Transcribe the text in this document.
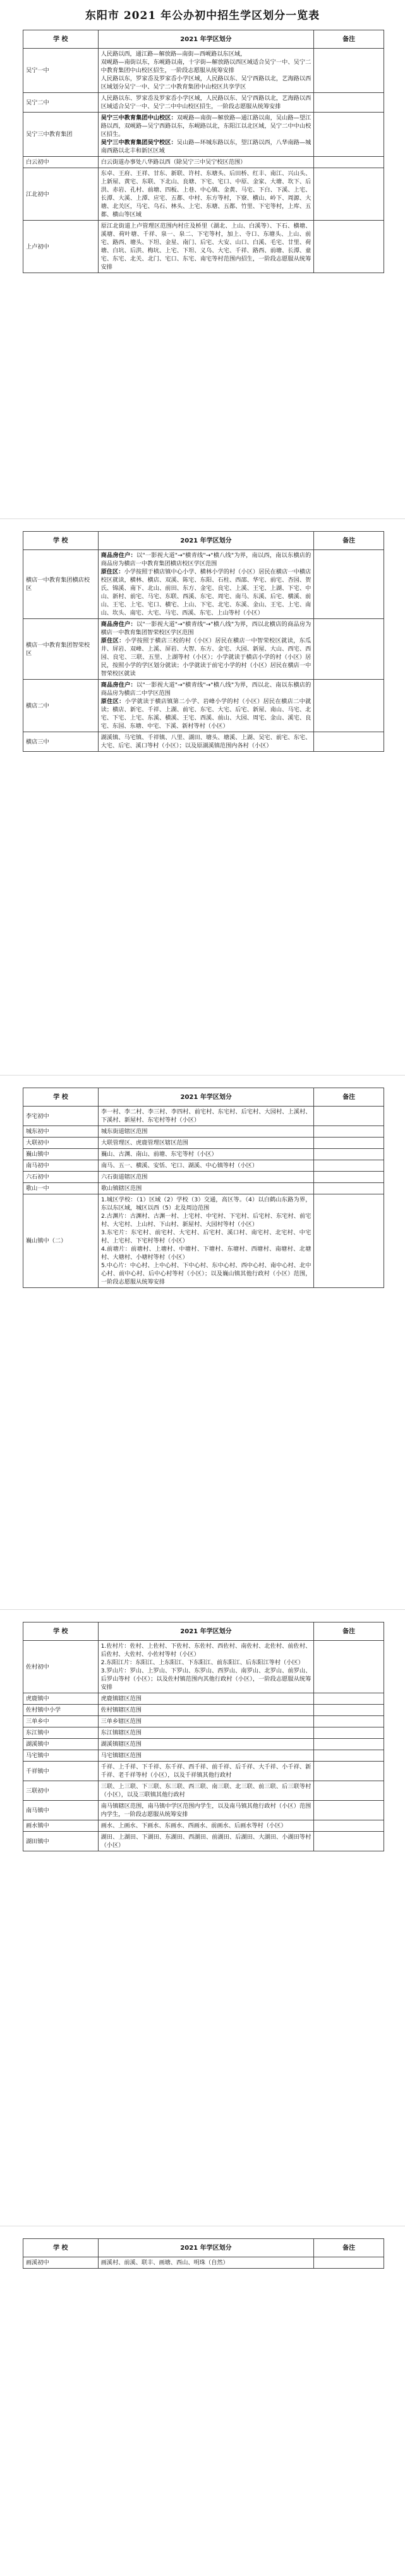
东阳市 2021 年公办初中招生学区划分一览表
学 校	2021 年学区划分	备注
吴宁一中	人民路以西，通江路—解放路—南街—西岘路以东区域，
双岘路—南街以东，东岘路以南，十字街—解放路以西区域适合吴宁一中、吴宁二中教育集团中山校区招生，一阶段志愿服从统筹安排
人民路以东，罗家岙及罗家岙小学区域，人民路以东、吴宁西路以北，艺海路以西区域划分吴宁一中、吴宁二中教育集团中山校区共享学区	

吴宁二中	人民路以东、罗家岙及罗家岙小学区域，人民路以东、吴宁西路以北，艺海路以西区域适合吴宁一中、吴宁二中中山校区招生，一阶段志愿服从统筹安排	

吴宁三中教育集团	吴宁三中教育集团中山校区：双岘路—南街—解放路—通江路以南，吴山路—望江路以西，双岘路—吴宁西路以东，东岘路以北，东阳江以北区域，吴宁二中中山校区招生。
吴宁三中教育集团吴宁校区：吴山路—环城东路以东，望江路以西，八华南路—城南西路以北丰和新区区域	

白云初中	白云街道办事处八华路以西（除吴宁三中吴宁校区范围）	

江北初中	东卓、王府、王祥、甘东、新联、许村、东塘头、后田桥、红丰、南江、兴山头、上新屋、黄宅、东联、下北山、良塘、下宅、宅口、中原、金家、大塘、坎下、后洪、赤岩、孔村、前塘、四板、上巷、中心镇、金黄、马宅、下白、下溪、上宅、长潭、大溪、上潭、应宅、五都、中村、东方等村，下寮、横山、岭下、周源、大塘、北关区，马宅、乌石、林头、上宅、东塘、五都、竹里、下宅等村，上库、五都、横山等区域	

上卢初中	原江北街道上卢管理区范围内村庄及桥里（湖北、上山、白溪等）、下石、横塘、溪塘、荷叶塘、千祥、泉一、泉二、下宅等村，加上、寺口、东塘头、上山、前宅、路西、塘头、下坦、金星、南门、后宅、大安、山口、白溪、毛宅、廿里、荷塘、白坑、后洪、梅坑、上宅、下坦、义乌、大宅、千祥、路西、前塘、长潭、童宅、东宅、北关、北门、宅口、东宅、南宅等村范围内招生，一阶段志愿服从统筹安排	

学 校	2021 年学区划分	备注
横店一中教育集团横店校区	商品房住户：以"一影视大道"→"横青线"→"横八线"为界，南以西，南以东横店的商品房为横店一中教育集团横店校区学区范围
原住区：小学按照于横店镇中心小学、横林小学的村（小区）居民在横店一中横店校区就读，横林、横店、双溪、陈宅、东阳、石柱、西邵、华宅、前宅、杏园、贺氏、锦溪、南下、北山、前田、东方、金宅、良宅、上溪、王宅、上湖、下宅、中山、新村、前宅、马宅、东联、西溪、东宅、周宅、南马、东溪、后宅、横溪、前山、王宅、上宅、宅口、横宅、上山、下宅、北宅、东溪、金山、王宅、上宅、南山、坎头、南宅、大宅、马宅、西溪、东宅、上山等村（小区）	

横店一中教育集团智荣校区	商品房住户：以"一影视大道"→"横青线"→"横八线"为界，西以北横店的商品房为横店一中教育集团智荣校区学区范围
原住区：小学按照于横店三校的村（小区）居民在横店一中智荣校区就读，东瓜井、屏岩、双峰、上溪、屏岩、大智、东方、金宅、大园、新屋、大山、西宅、西园、良宅、三联、五里、上湖等村（小区）；小学就读于横店小学的村（小区）居民，按照小学的学区划分就读；小学就读于前宅小学的村（小区）居民在横店一中智荣校区就读	

横店二中	商品房住户：以"一影视大道"→"横青线"→"横八线"为界，西以北、南以东横店的商品房为横店二中学区范围
原住区：小学就读于横店镇第二小学、岩峰小学的村（小区）居民在横店二中就读；横店、新宅、千祥、上湖、前宅、东宅、大宅、后宅、新屋、南山、马宅、北宅、下宅、上宅、东溪、横溪、王宅、西溪、前山、大园、周宅、金山、溪宅、良宅、东园、东塘、中宅、下溪、新村等村（小区）	

横店三中	湖溪镇、马宅镇、千祥镇、八里、湖田、塘头、塘溪、上湖、吴宅、前宅、东宅、大宅、后宅、溪口等村（小区）；以及原湖溪镇范围内各村（小区）	

学 校	2021 年学区划分	备注
李宅初中	李一村、李二村、李三村、李四村、前宅村、东宅村、后宅村、大园村、上溪村、下溪村、新屋村、东宅村等村（小区）	

城东初中	城东街道辖区范围	

大联初中	大联管理区、虎鹿管理区辖区范围	

巍山镇中	巍山、古渊、南山、前塘、东宅等村（小区）	

南马初中	南马、五一、横溪、安恬、宅口、湖溪、中心镇等村（小区）	

六石初中	六石街道辖区范围	

歌山一中	歌山镇辖区范围	

巍山镇中（二）	1.城区学校：（1）区域（2）学校（3）交通，高区等。（4）以白鹤山东路为界，东以东区域，城区以西（5）北及周边范围
2.古渊片：古渊村、古渊一村、上宅村、中宅村、下宅村、后宅村、东宅村、前宅村、大宅村、上山村、下山村、新屋村、大园村等村（小区）
3.东宅片：东宅村、前宅村、大宅村、后宅村、溪口村、南宅村、北宅村、中宅村、上宅村、下宅村等村（小区）
4.前塘片：前塘村、上塘村、中塘村、下塘村、东塘村、西塘村、南塘村、北塘村、大塘村、小塘村等村（小区）
5.中心片：中心村、上中心村、下中心村、东中心村、西中心村、南中心村、北中心村、前中心村、后中心村等村（小区）；以及巍山镇其他行政村（小区）范围，一阶段志愿服从统筹安排	

学 校	2021 年学区划分	备注
佐村初中	1.佐村片：佐村、上佐村、下佐村、东佐村、西佐村、南佐村、北佐村、前佐村、后佐村、大佐村、小佐村等村（小区）
2.东阳江片：东阳江、上东阳江、下东阳江、前东阳江、后东阳江等村（小区）
3.罗山片：罗山、上罗山、下罗山、东罗山、西罗山、南罗山、北罗山、前罗山、后罗山等村（小区）；以及佐村镇范围内其他行政村（小区），一阶段志愿服从统筹安排	

虎鹿镇中	虎鹿镇辖区范围	

佐村镇中小学	佐村镇辖区范围	

三单乡中	三单乡辖区范围	

东江镇中	东江镇辖区范围	

湖溪镇中	湖溪镇辖区范围	

马宅镇中	马宅镇辖区范围	

千祥镇中	千祥、上千祥、下千祥、东千祥、西千祥、前千祥、后千祥、大千祥、小千祥、新千祥、老千祥等村（小区），以及千祥镇其他行政村	

三联初中	三联、上三联、下三联、东三联、西三联、南三联、北三联、前三联、后三联等村（小区），以及三联镇其他行政村	

南马镇中	南马镇辖区范围，南马镇中学区范围内学生，以及南马镇其他行政村（小区）范围内学生，一阶段志愿服从统筹安排	

画水镇中	画水、上画水、下画水、东画水、西画水、前画水、后画水等村（小区）	

湖田镇中	湖田、上湖田、下湖田、东湖田、西湖田、前湖田、后湖田、大湖田、小湖田等村（小区）	

学 校	2021 年学区划分	备注
画溪初中	画溪村、前溪、联丰、画塘、西山、明珠（自然）	
